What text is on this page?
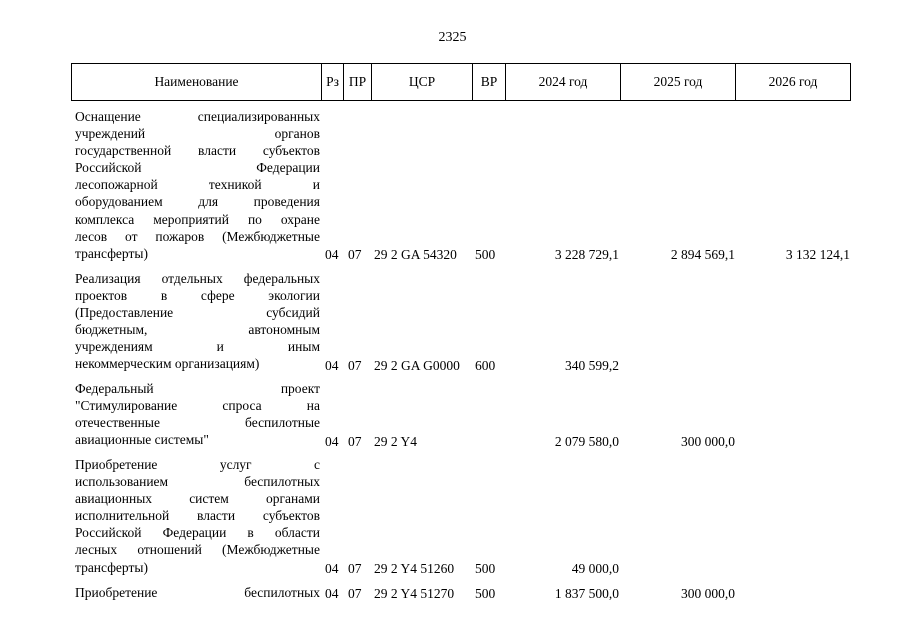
2325
Наименование	Рз ПР	ЦСР	ВР	2024 год	2025 год	2026 год
Оснащение специализированных
учреждений органов
государственной власти субъектов
Российской Федерации
лесопожарной техникой и
оборудованием для проведения
комплекса мероприятий по охране
лесов от пожаров (Межбюджетные
трансферты)	04 07 29 2 GA 54320 500	3 228 729,1	2 894 569,1	3 132 124,1
Реализация отдельных федеральных
проектов в сфере экологии
(Предоставление субсидий
бюджетным, автономным
учреждениям и иным
некоммерческим организациям)	04 07 29 2 GA G0000 600	340 599,2
Федеральный проект
"Стимулирование спроса на
отечественные беспилотные
авиационные системы"	04 07 29 2 Y4	2 079 580,0	300 000,0
Приобретение услуг с
использованием беспилотных
авиационных систем органами
исполнительной власти субъектов
Российской Федерации в области
лесных отношений (Межбюджетные
трансферты)	04 07 29 2 Y4 51260 500	49 000,0
Приобретение беспилотных 04 07 29 2 Y4 51270 500	1 837 500,0	300 000,0
